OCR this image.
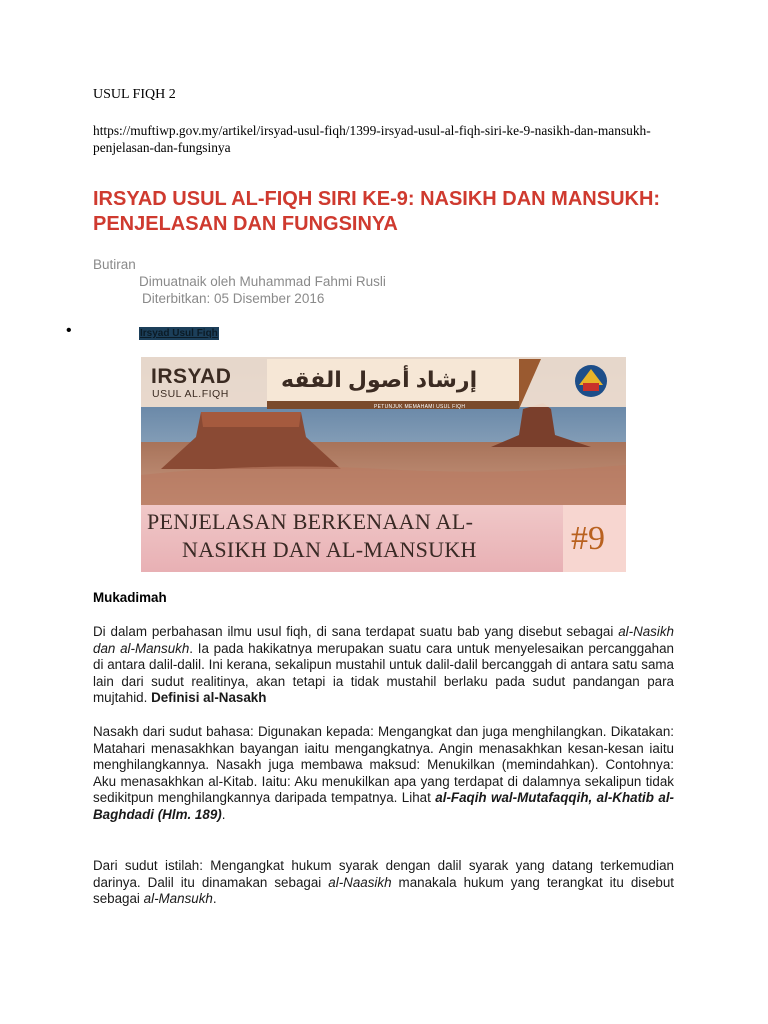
USUL FIQH 2
https://muftiwp.gov.my/artikel/irsyad-usul-fiqh/1399-irsyad-usul-al-fiqh-siri-ke-9-nasikh-dan-mansukh-penjelasan-dan-fungsinya
IRSYAD USUL AL-FIQH SIRI KE-9: NASIKH DAN MANSUKH: PENJELASAN DAN FUNGSINYA
Butiran
Dimuatnaik oleh Muhammad Fahmi Rusli
Diterbitkan: 05 Disember 2016
•	Irsyad Usul Fiqh
IRSYAD
USUL AL.FIQH
إرشاد أصول الفقه
PETUNJUK MEMAHAMI USUL FIQH
PENJELASAN BERKENAAN AL-
NASIKH DAN AL-MANSUKH	#9
Mukadimah
Di dalam perbahasan ilmu usul fiqh, di sana terdapat suatu bab yang disebut sebagai al-Nasikh dan al-Mansukh. Ia pada hakikatnya merupakan suatu cara untuk menyelesaikan percanggahan di antara dalil-dalil. Ini kerana, sekalipun mustahil untuk dalil-dalil bercanggah di antara satu sama lain dari sudut realitinya, akan tetapi ia tidak mustahil berlaku pada sudut pandangan para mujtahid. Definisi al-Nasakh
Nasakh dari sudut bahasa: Digunakan kepada: Mengangkat dan juga menghilangkan. Dikatakan: Matahari menasakhkan bayangan iaitu mengangkatnya. Angin menasakhkan kesan-kesan iaitu menghilangkannya. Nasakh juga membawa maksud: Menukilkan (memindahkan). Contohnya: Aku menasakhkan al-Kitab. Iaitu: Aku menukilkan apa yang terdapat di dalamnya sekalipun tidak sedikitpun menghilangkannya daripada tempatnya. Lihat al-Faqih wal-Mutafaqqih, al-Khatib al-Baghdadi (Hlm. 189).
Dari sudut istilah: Mengangkat hukum syarak dengan dalil syarak yang datang terkemudian darinya. Dalil itu dinamakan sebagai al-Naasikh manakala hukum yang terangkat itu disebut sebagai al-Mansukh.
